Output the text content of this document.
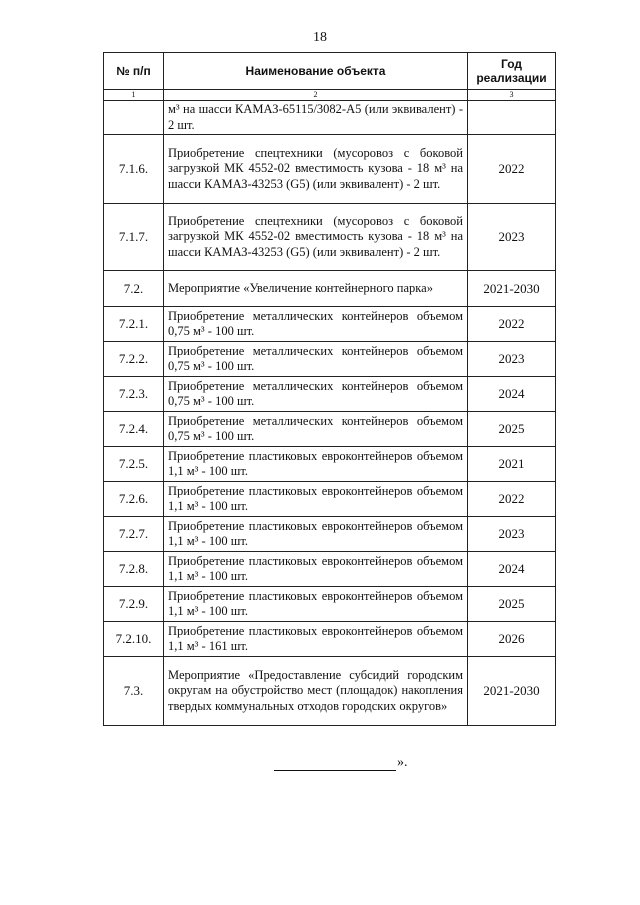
18
№ п/п	Наименование объекта	Год реализации
1	2	3
	м³ на шасси КАМАЗ-65115/3082-А5 (или эквивалент) - 2 шт.	
7.1.6.	Приобретение спецтехники (мусоровоз с боковой загрузкой МК 4552-02 вместимость кузова - 18 м³ на шасси КАМАЗ-43253 (G5) (или эквивалент) - 2 шт.	2022
7.1.7.	Приобретение спецтехники (мусоровоз с боковой загрузкой МК 4552-02 вместимость кузова - 18 м³ на шасси КАМАЗ-43253 (G5) (или эквивалент) - 2 шт.	2023
7.2.	Мероприятие «Увеличение контейнерного парка»	2021-2030
7.2.1.	Приобретение металлических контейнеров объемом 0,75 м³ - 100 шт.	2022
7.2.2.	Приобретение металлических контейнеров объемом 0,75 м³ - 100 шт.	2023
7.2.3.	Приобретение металлических контейнеров объемом 0,75 м³ - 100 шт.	2024
7.2.4.	Приобретение металлических контейнеров объемом 0,75 м³ - 100 шт.	2025
7.2.5.	Приобретение пластиковых евроконтейнеров объемом 1,1 м³ - 100 шт.	2021
7.2.6.	Приобретение пластиковых евроконтейнеров объемом 1,1 м³ - 100 шт.	2022
7.2.7.	Приобретение пластиковых евроконтейнеров объемом 1,1 м³ - 100 шт.	2023
7.2.8.	Приобретение пластиковых евроконтейнеров объемом 1,1 м³ - 100 шт.	2024
7.2.9.	Приобретение пластиковых евроконтейнеров объемом 1,1 м³ - 100 шт.	2025
7.2.10.	Приобретение пластиковых евроконтейнеров объемом 1,1 м³ - 161 шт.	2026
7.3.	Мероприятие «Предоставление субсидий городским округам на обустройство мест (площадок) накопления твердых коммунальных отходов городских округов»	2021-2030
».
